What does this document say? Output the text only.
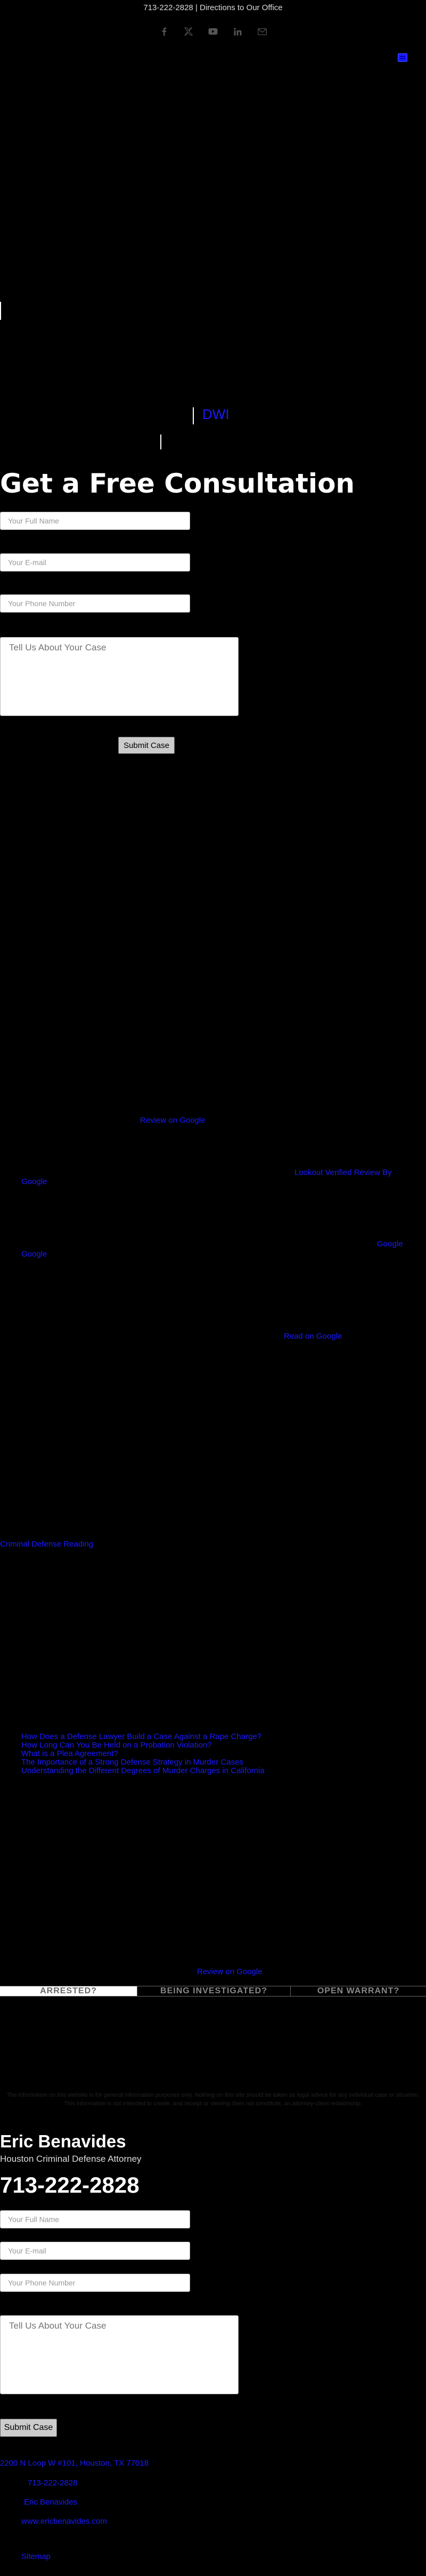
713-222-2828 | Directions to Our Office
DWI
Get a Free Consultation
Your Full Name
Your E-mail
Your Phone Number
Tell Us About Your Case
Submit Case
Review on Google
Lookout Verified Review By
Google
Google
Google
Read on Google
Criminal Defense Reading
How Does a Defense Lawyer Build a Case Against a Rape Charge?
How Long Can You Be Held on a Probation Violation?
What is a Plea Agreement?
The Importance of a Strong Defense Strategy in Murder Cases
Understanding the Different Degrees of Murder Charges in California
Review on Google
ARRESTED?	BEING INVESTIGATED?	OPEN WARRANT?

The information on this website is for general information purposes only. Nothing on this site should be taken as legal advice for any individual case or situation. This information is not intended to create, and receipt or viewing does not constitute, an attorney-client relationship.

Eric Benavides
Houston Criminal Defense Attorney
713-222-2828
Your Full Name
Your E-mail
Your Phone Number
Tell Us About Your Case
Submit Case
2200 N Loop W #101, Houston, TX 77018
713-222-2828
Eric Benavides
www.ericbenavides.com
Sitemap
